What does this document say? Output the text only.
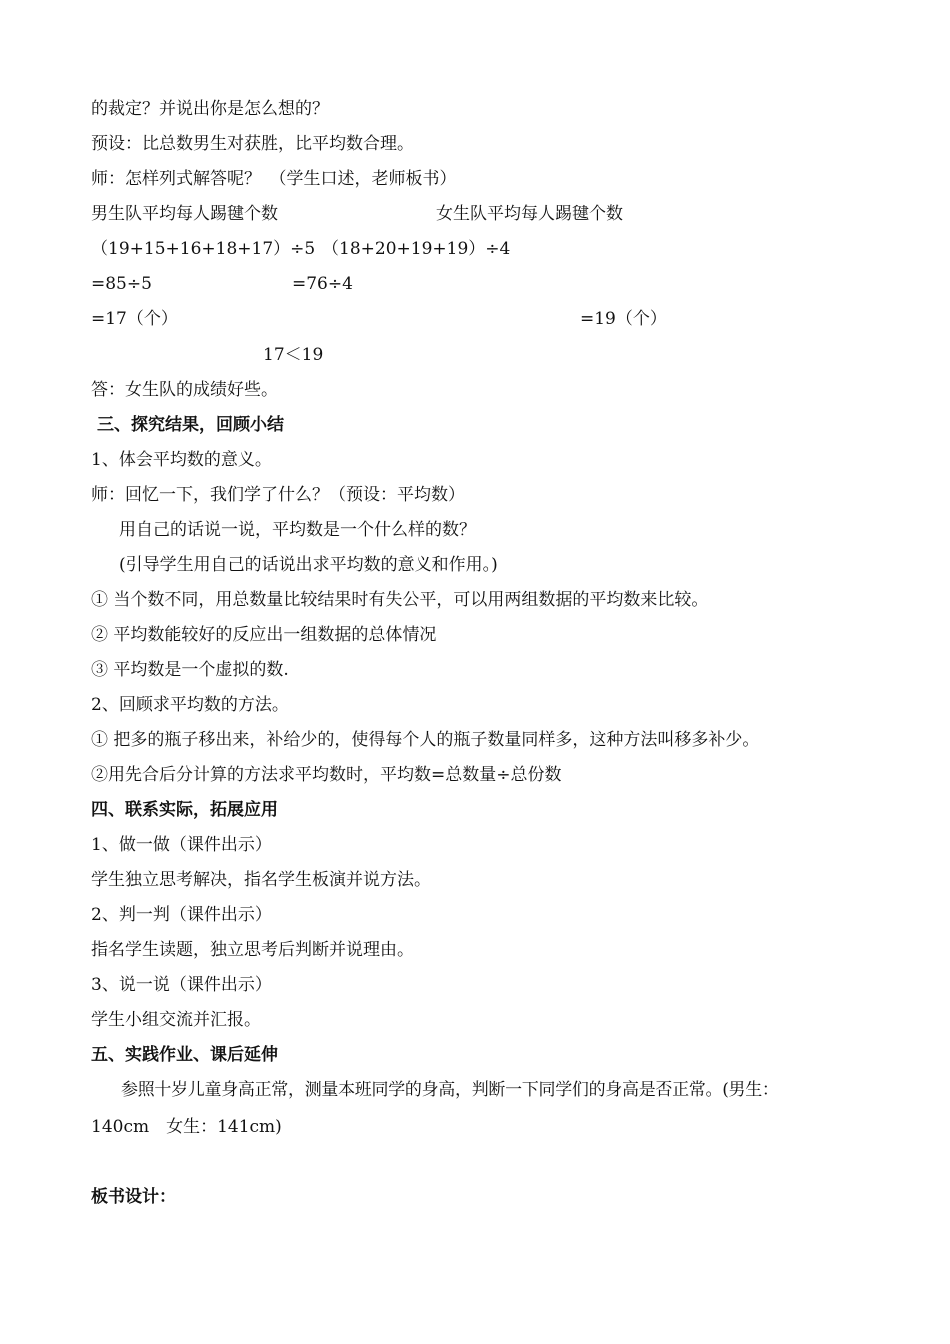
的裁定？并说出你是怎么想的？
预设：比总数男生对获胜，比平均数合理。
师：怎样列式解答呢？　（学生口述，老师板书）
男生队平均每人踢毽个数	女生队平均每人踢毽个数
（19+15+16+18+17）÷5 （18+20+19+19）÷4
=85÷5	=76÷4
=17（个）	=19（个）
17＜19
答：女生队的成绩好些。
三、探究结果，回顾小结
1、体会平均数的意义。
师：回忆一下，我们学了什么？（预设：平均数）
用自己的话说一说，平均数是一个什么样的数？
(引导学生用自己的话说出求平均数的意义和作用。)
① 当个数不同，用总数量比较结果时有失公平，可以用两组数据的平均数来比较。
② 平均数能较好的反应出一组数据的总体情况
③ 平均数是一个虚拟的数.
2、回顾求平均数的方法。
① 把多的瓶子移出来，补给少的，使得每个人的瓶子数量同样多，这种方法叫移多补少。
②用先合后分计算的方法求平均数时，平均数=总数量÷总份数
四、联系实际，拓展应用
1、做一做（课件出示）
学生独立思考解决，指名学生板演并说方法。
2、判一判（课件出示）
指名学生读题，独立思考后判断并说理由。
3、说一说（课件出示）
学生小组交流并汇报。
五、实践作业、课后延伸
参照十岁儿童身高正常，测量本班同学的身高，判断一下同学们的身高是否正常。(男生：
140cm　女生：141cm)
板书设计：
